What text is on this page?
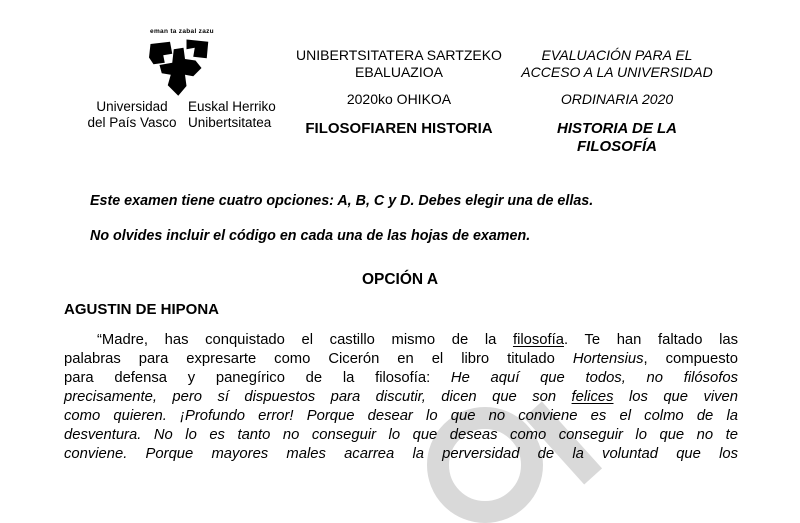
eman ta zabal zazu
Universidad
del País Vasco
Euskal Herriko
Unibertsitatea
UNIBERTSITATERA SARTZEKO
EBALUAZIOA
2020ko OHIKOA
FILOSOFIAREN HISTORIA
EVALUACIÓN PARA EL
ACCESO A LA UNIVERSIDAD
ORDINARIA 2020
HISTORIA DE LA
FILOSOFÍA
Este examen tiene cuatro opciones: A, B, C y D. Debes elegir una de ellas.
No olvides incluir el código en cada una de las hojas de examen.
OPCIÓN A
AGUSTIN DE HIPONA
“Madre, has conquistado el castillo mismo de la filosofía. Te han faltado las
palabras para expresarte como Cicerón en el libro titulado Hortensius, compuesto
para defensa y panegírico de la filosofía: He aquí que todos, no filósofos
precisamente, pero sí dispuestos para discutir, dicen que son felices los que viven
como quieren. ¡Profundo error! Porque desear lo que no conviene es el colmo de la
desventura. No lo es tanto no conseguir lo que deseas como conseguir lo que no te
conviene. Porque mayores males acarrea la perversidad de la voluntad que los
